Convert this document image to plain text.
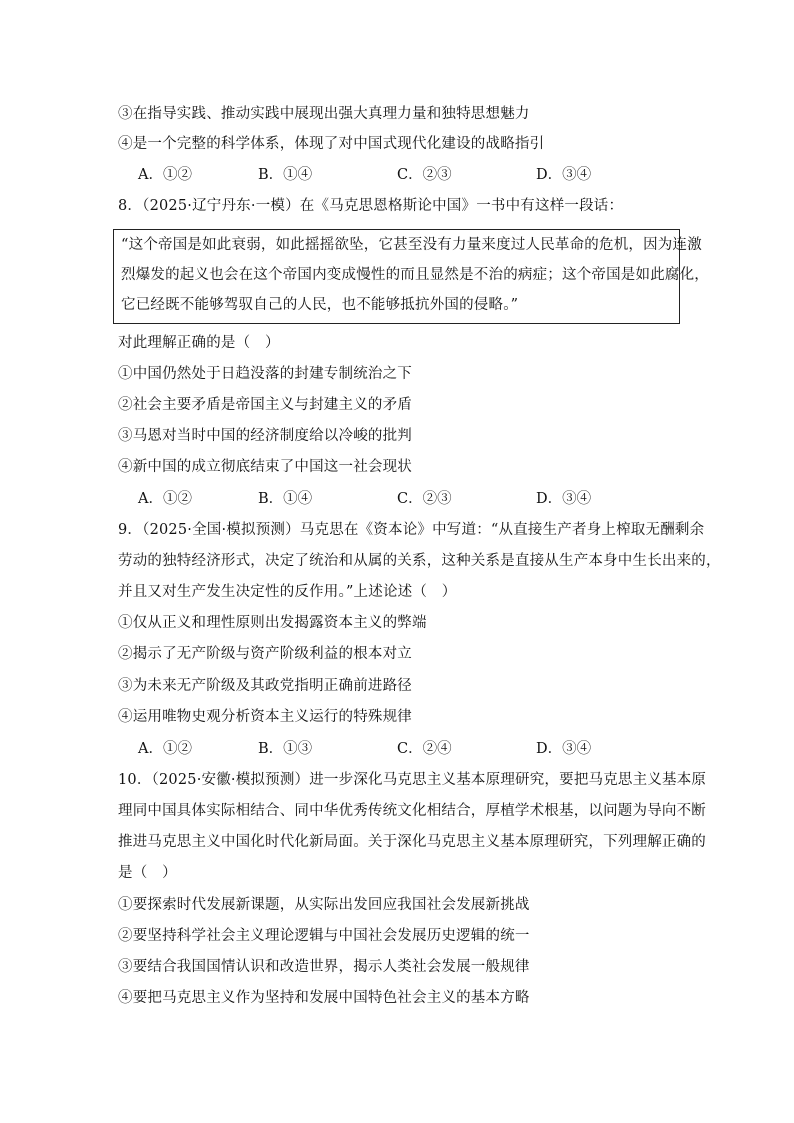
③在指导实践、推动实践中展现出强大真理力量和独特思想魅力
④是一个完整的科学体系，体现了对中国式现代化建设的战略指引
A．①②	B．①④	C．②③	D．③④
8．（2025·辽宁丹东·一模）在《马克思恩格斯论中国》一书中有这样一段话：
“这个帝国是如此衰弱，如此摇摇欲坠，它甚至没有力量来度过人民革命的危机，因为连激
烈爆发的起义也会在这个帝国内变成慢性的而且显然是不治的病症；这个帝国是如此腐化，
它已经既不能够驾驭自己的人民，也不能够抵抗外国的侵略。”
对此理解正确的是（　）
①中国仍然处于日趋没落的封建专制统治之下
②社会主要矛盾是帝国主义与封建主义的矛盾
③马恩对当时中国的经济制度给以冷峻的批判
④新中国的成立彻底结束了中国这一社会现状
A．①②	B．①④	C．②③	D．③④
9．（2025·全国·模拟预测）马克思在《资本论》中写道：“从直接生产者身上榨取无酬剩余
劳动的独特经济形式，决定了统治和从属的关系，这种关系是直接从生产本身中生长出来的，
并且又对生产发生决定性的反作用。”上述论述（　）
①仅从正义和理性原则出发揭露资本主义的弊端
②揭示了无产阶级与资产阶级利益的根本对立
③为未来无产阶级及其政党指明正确前进路径
④运用唯物史观分析资本主义运行的特殊规律
A．①②	B．①③	C．②④	D．③④
10．（2025·安徽·模拟预测）进一步深化马克思主义基本原理研究，要把马克思主义基本原
理同中国具体实际相结合、同中华优秀传统文化相结合，厚植学术根基，以问题为导向不断
推进马克思主义中国化时代化新局面。关于深化马克思主义基本原理研究，下列理解正确的
是（　）
①要探索时代发展新课题，从实际出发回应我国社会发展新挑战
②要坚持科学社会主义理论逻辑与中国社会发展历史逻辑的统一
③要结合我国国情认识和改造世界，揭示人类社会发展一般规律
④要把马克思主义作为坚持和发展中国特色社会主义的基本方略
